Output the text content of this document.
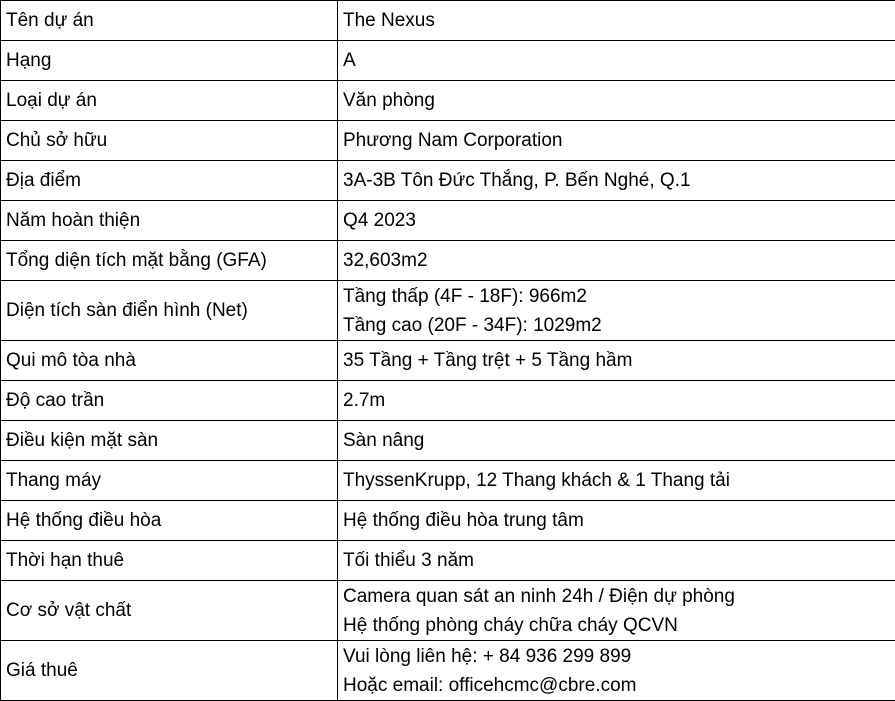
Tên dự án	The Nexus

Hạng	A

Loại dự án	Văn phòng

Chủ sở hữu	Phương Nam Corporation

Địa điểm	3A-3B Tôn Đức Thắng, P. Bến Nghé, Q.1

Năm hoàn thiện	Q4 2023

Tổng diện tích mặt bằng (GFA)	32,603m2

Diện tích sàn điển hình (Net)	Tầng thấp (4F - 18F): 966m2
Tầng cao (20F - 34F): 1029m2

Qui mô tòa nhà	35 Tầng + Tầng trệt + 5 Tầng hầm

Độ cao trần	2.7m

Điều kiện mặt sàn	Sàn nâng

Thang máy	ThyssenKrupp, 12 Thang khách & 1 Thang tải

Hệ thống điều hòa	Hệ thống điều hòa trung tâm

Thời hạn thuê	Tối thiểu 3 năm

Cơ sở vật chất	Camera quan sát an ninh 24h / Điện dự phòng
Hệ thống phòng cháy chữa cháy QCVN

Giá thuê	Vui lòng liên hệ: + 84 936 299 899
Hoặc email: officehcmc@cbre.com
